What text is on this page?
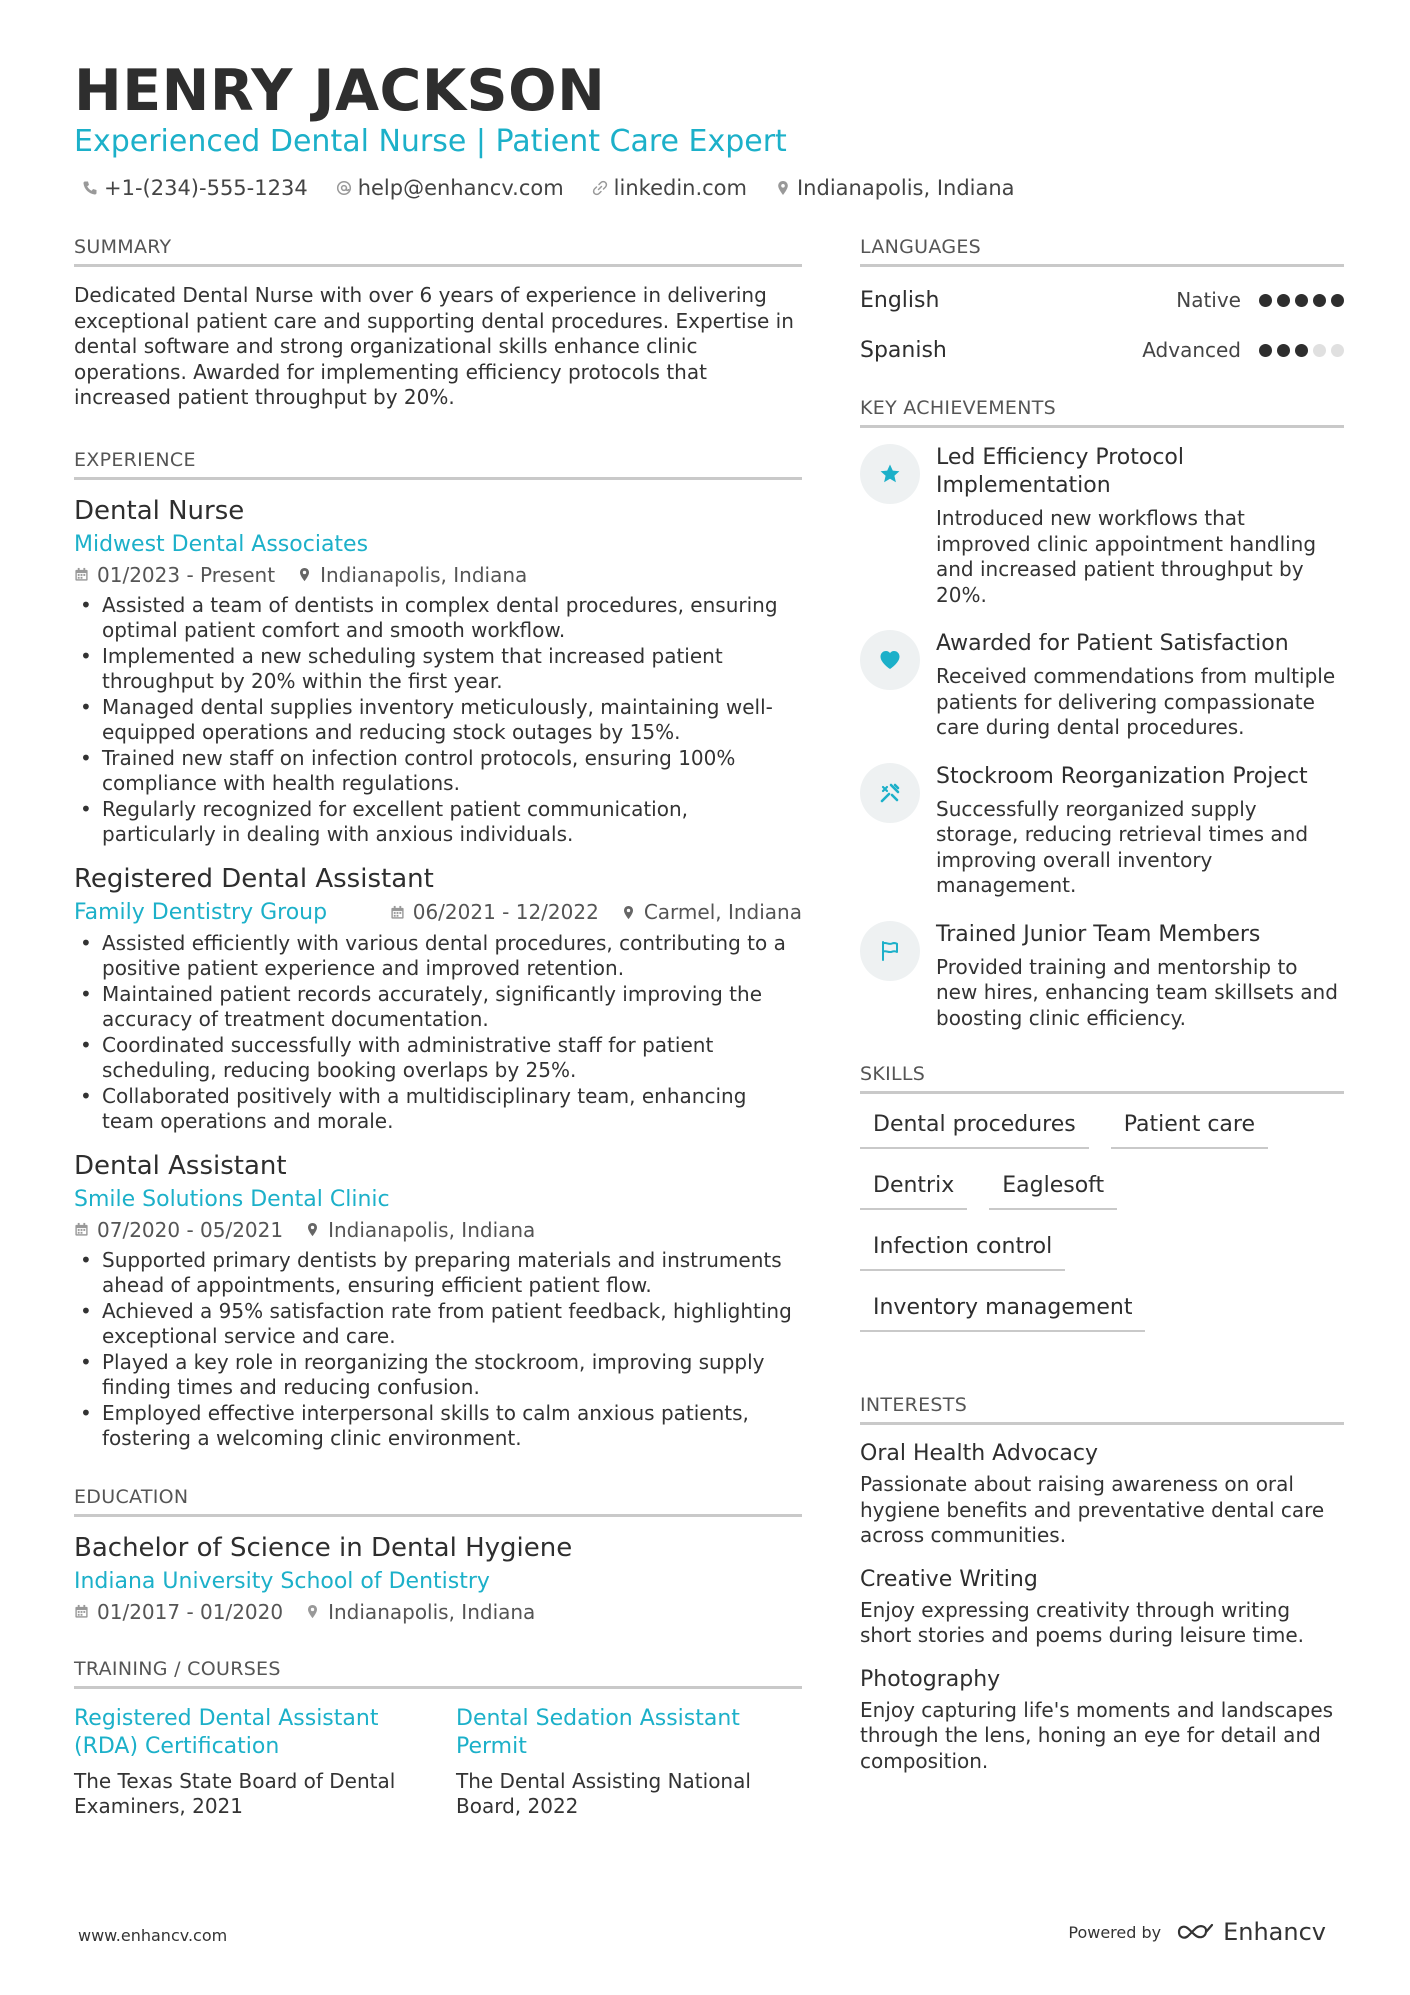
HENRY JACKSON
Experienced Dental Nurse | Patient Care Expert
+1-(234)-555-1234 help@enhancv.com linkedin.com Indianapolis, Indiana
SUMMARY

Dedicated Dental Nurse with over 6 years of experience in delivering exceptional patient care and supporting dental procedures. Expertise in dental software and strong organizational skills enhance clinic operations. Awarded for implementing efficiency protocols that increased patient throughput by 20%.

EXPERIENCE
Dental Nurse
Midwest Dental Associates
01/2023 - Present Indianapolis, Indiana
• Assisted a team of dentists in complex dental procedures, ensuring optimal patient comfort and smooth workflow.
• Implemented a new scheduling system that increased patient throughput by 20% within the first year.
• Managed dental supplies inventory meticulously, maintaining well-equipped operations and reducing stock outages by 15%.
• Trained new staff on infection control protocols, ensuring 100% compliance with health regulations.
• Regularly recognized for excellent patient communication, particularly in dealing with anxious individuals.
Registered Dental Assistant
Family Dentistry Group	06/2021 - 12/2022 Carmel, Indiana
• Assisted efficiently with various dental procedures, contributing to a positive patient experience and improved retention.
• Maintained patient records accurately, significantly improving the accuracy of treatment documentation.
• Coordinated successfully with administrative staff for patient scheduling, reducing booking overlaps by 25%.
• Collaborated positively with a multidisciplinary team, enhancing team operations and morale.
Dental Assistant
Smile Solutions Dental Clinic
07/2020 - 05/2021 Indianapolis, Indiana
• Supported primary dentists by preparing materials and instruments ahead of appointments, ensuring efficient patient flow.
• Achieved a 95% satisfaction rate from patient feedback, highlighting exceptional service and care.
• Played a key role in reorganizing the stockroom, improving supply finding times and reducing confusion.
• Employed effective interpersonal skills to calm anxious patients, fostering a welcoming clinic environment.
EDUCATION
Bachelor of Science in Dental Hygiene
Indiana University School of Dentistry
01/2017 - 01/2020 Indianapolis, Indiana
TRAINING / COURSES
Registered Dental Assistant (RDA) Certification
The Texas State Board of Dental Examiners, 2021
Dental Sedation Assistant Permit
The Dental Assisting National Board, 2022
LANGUAGES
English	Native
Spanish	Advanced
KEY ACHIEVEMENTS
Led Efficiency Protocol Implementation
Introduced new workflows that improved clinic appointment handling and increased patient throughput by 20%.
Awarded for Patient Satisfaction
Received commendations from multiple patients for delivering compassionate care during dental procedures.
Stockroom Reorganization Project
Successfully reorganized supply storage, reducing retrieval times and improving overall inventory management.
Trained Junior Team Members
Provided training and mentorship to new hires, enhancing team skillsets and boosting clinic efficiency.
SKILLS
Dental procedures	Patient care
Dentrix	Eaglesoft
Infection control
Inventory management
INTERESTS
Oral Health Advocacy
Passionate about raising awareness on oral hygiene benefits and preventative dental care across communities.
Creative Writing
Enjoy expressing creativity through writing short stories and poems during leisure time.
Photography
Enjoy capturing life's moments and landscapes through the lens, honing an eye for detail and composition.
www.enhancv.com	Powered by	Enhancv
